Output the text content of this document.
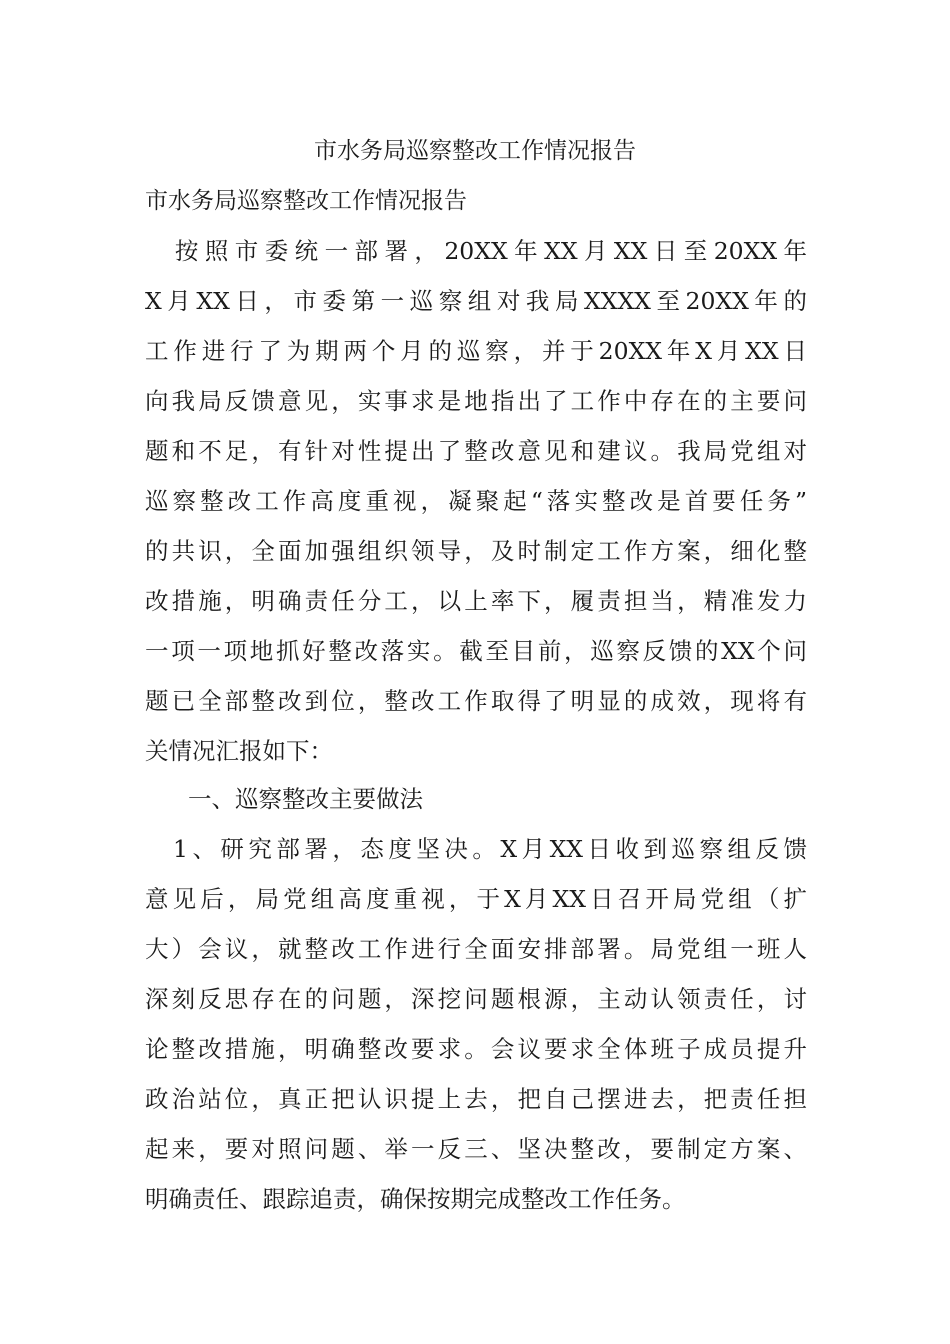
市水务局巡察整改工作情况报告

市水务局巡察整改工作情况报告

　按照市委统一部署，20XX年XX月XX日至20XX年
X月XX日，市委第一巡察组对我局XXXX至20XX年的
工作进行了为期两个月的巡察，并于20XX年X月XX日
向我局反馈意见，实事求是地指出了工作中存在的主要问
题和不足，有针对性提出了整改意见和建议。我局党组对
巡察整改工作高度重视，凝聚起“落实整改是首要任务”
的共识，全面加强组织领导，及时制定工作方案，细化整
改措施，明确责任分工，以上率下，履责担当，精准发力
一项一项地抓好整改落实。截至目前，巡察反馈的XX个问
题已全部整改到位，整改工作取得了明显的成效，现将有
关情况汇报如下：
一、巡察整改主要做法
　1、研究部署，态度坚决。X月XX日收到巡察组反馈
意见后，局党组高度重视，于X月XX日召开局党组（扩
大）会议，就整改工作进行全面安排部署。局党组一班人
深刻反思存在的问题，深挖问题根源，主动认领责任，讨
论整改措施，明确整改要求。会议要求全体班子成员提升
政治站位，真正把认识提上去，把自己摆进去，把责任担
起来，要对照问题、举一反三、坚决整改，要制定方案、
明确责任、跟踪追责，确保按期完成整改工作任务。
